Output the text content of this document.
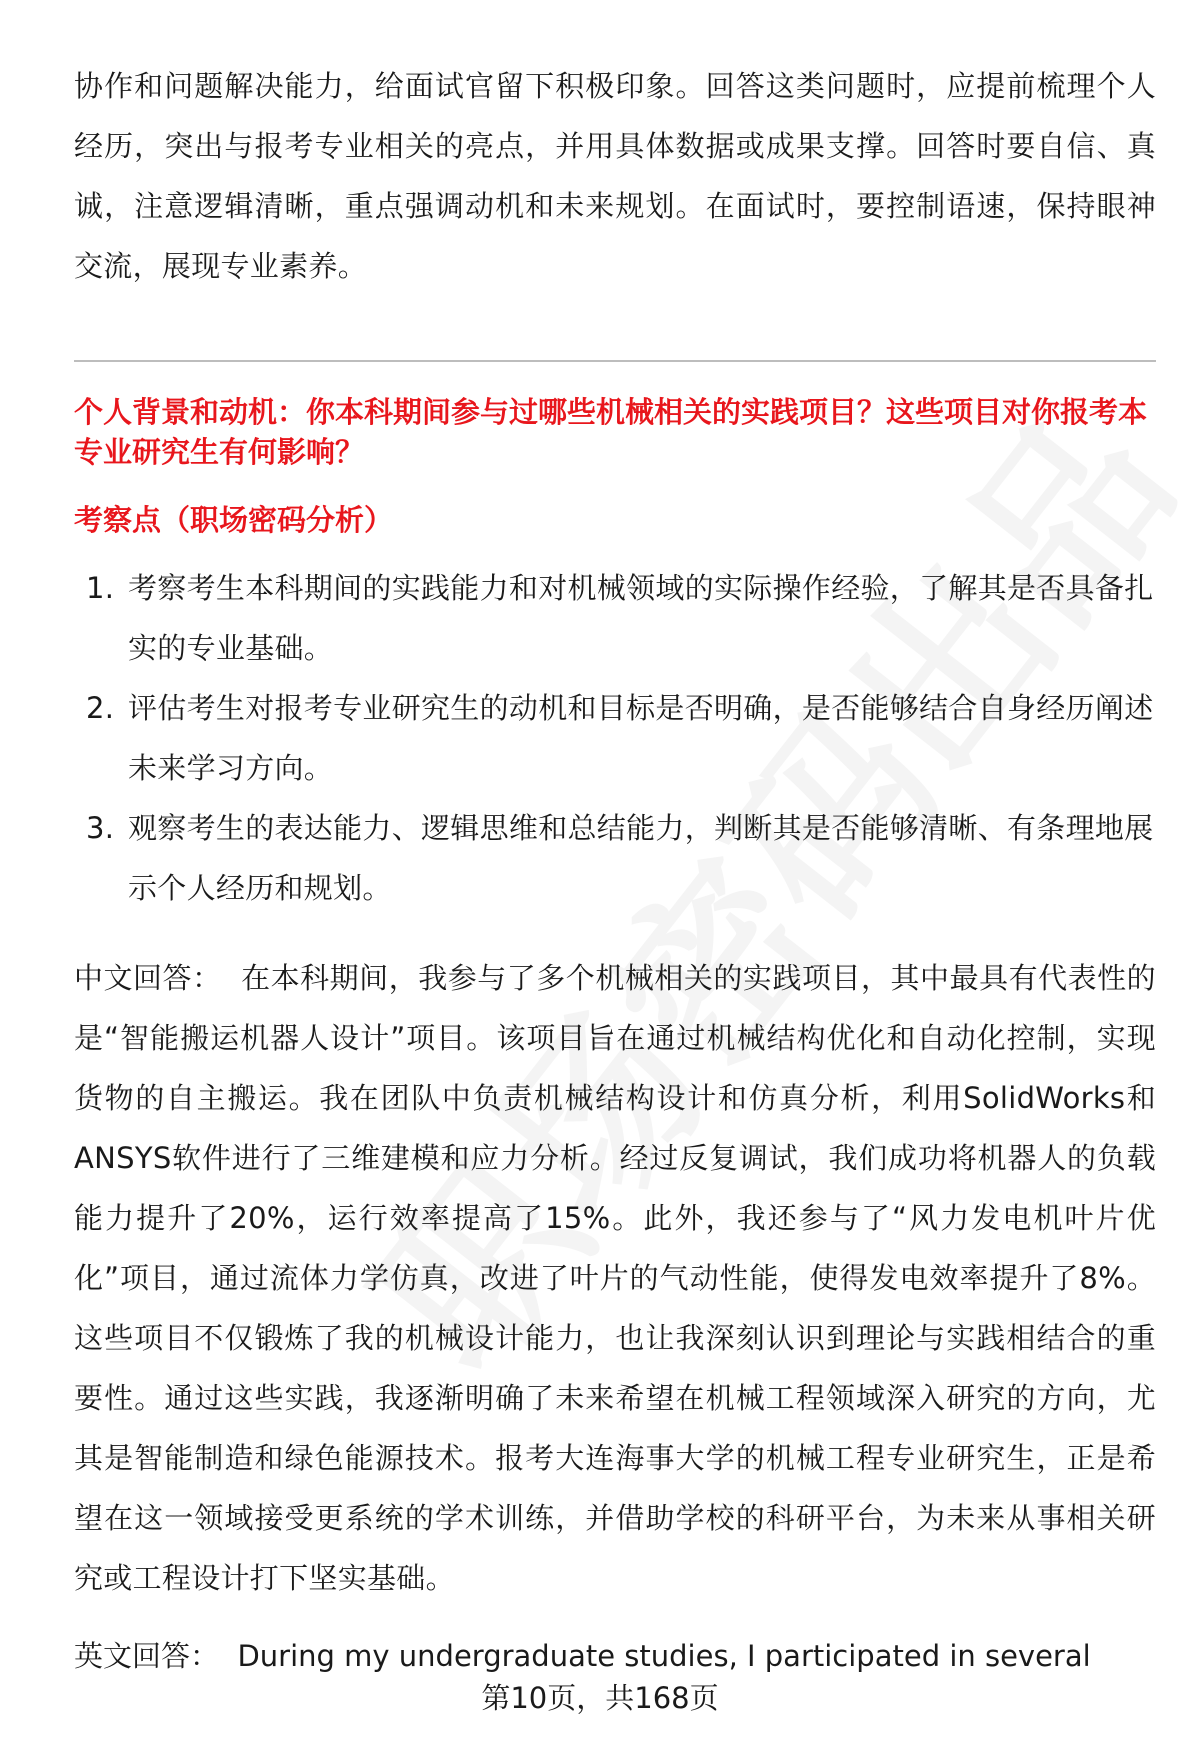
协作和问题解决能力，给面试官留下积极印象。回答这类问题时，应提前梳理个人经历，突出与报考专业相关的亮点，并用具体数据或成果支撑。回答时要自信、真诚，注意逻辑清晰，重点强调动机和未来规划。在面试时，要控制语速，保持眼神交流，展现专业素养。

个人背景和动机：你本科期间参与过哪些机械相关的实践项目？这些项目对你报考本专业研究生有何影响？

考察点（职场密码分析）

1. 考察考生本科期间的实践能力和对机械领域的实际操作经验，了解其是否具备扎实的专业基础。
2. 评估考生对报考专业研究生的动机和目标是否明确，是否能够结合自身经历阐述未来学习方向。
3. 观察考生的表达能力、逻辑思维和总结能力，判断其是否能够清晰、有条理地展示个人经历和规划。

中文回答： 在本科期间，我参与了多个机械相关的实践项目，其中最具有代表性的是“智能搬运机器人设计”项目。该项目旨在通过机械结构优化和自动化控制，实现货物的自主搬运。我在团队中负责机械结构设计和仿真分析，利用SolidWorks和ANSYS软件进行了三维建模和应力分析。经过反复调试，我们成功将机器人的负载能力提升了20%，运行效率提高了15%。此外，我还参与了“风力发电机叶片优化”项目，通过流体力学仿真，改进了叶片的气动性能，使得发电效率提升了8%。这些项目不仅锻炼了我的机械设计能力，也让我深刻认识到理论与实践相结合的重要性。通过这些实践，我逐渐明确了未来希望在机械工程领域深入研究的方向，尤其是智能制造和绿色能源技术。报考大连海事大学的机械工程专业研究生，正是希望在这一领域接受更系统的学术训练，并借助学校的科研平台，为未来从事相关研究或工程设计打下坚实基础。

英文回答： During my undergraduate studies, I participated in several

第10页，共168页
